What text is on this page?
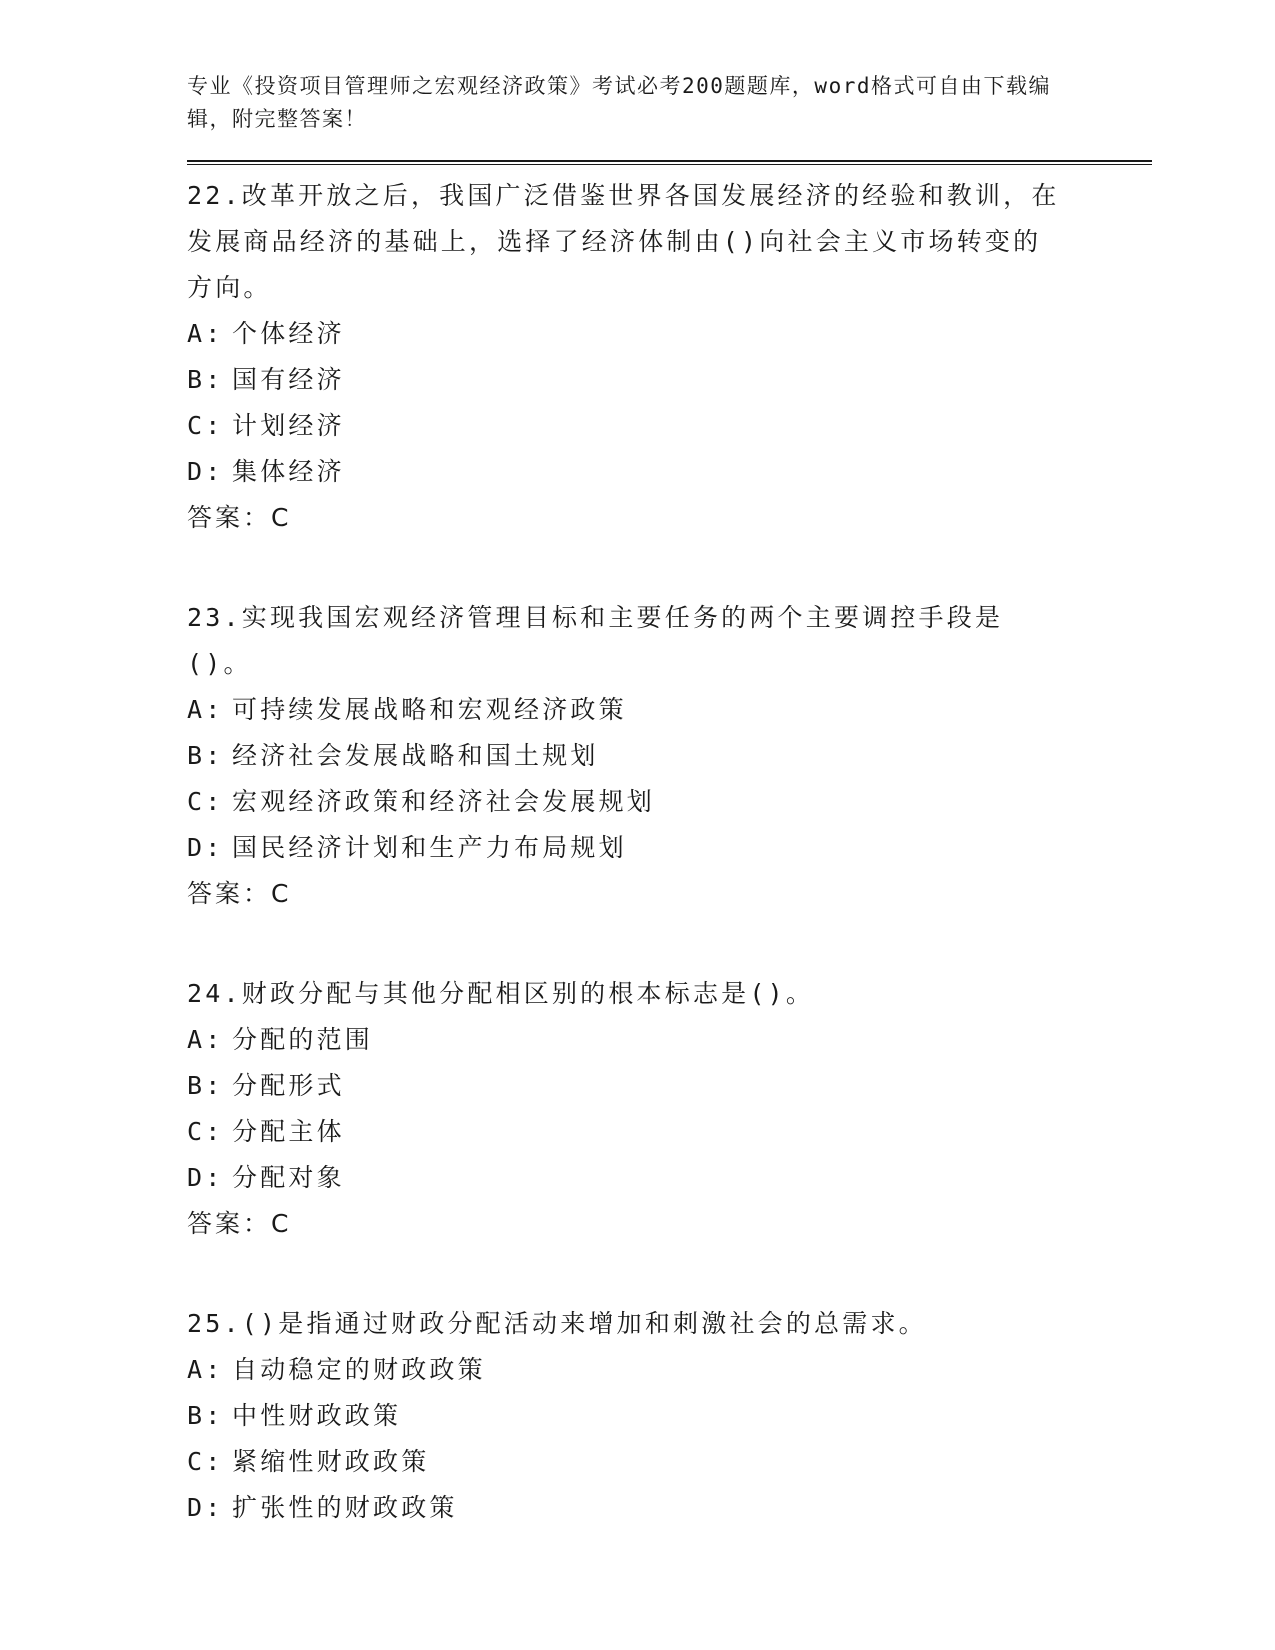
专业《投资项目管理师之宏观经济政策》考试必考200题题库，word格式可自由下载编辑，附完整答案！

22.改革开放之后，我国广泛借鉴世界各国发展经济的经验和教训，在发展商品经济的基础上，选择了经济体制由()向社会主义市场转变的方向。

A: 个体经济

B: 国有经济

C: 计划经济

D: 集体经济

答案：C

23.实现我国宏观经济管理目标和主要任务的两个主要调控手段是()。

A: 可持续发展战略和宏观经济政策

B: 经济社会发展战略和国土规划

C: 宏观经济政策和经济社会发展规划

D: 国民经济计划和生产力布局规划

答案：C

24.财政分配与其他分配相区别的根本标志是()。

A: 分配的范围

B: 分配形式

C: 分配主体

D: 分配对象

答案：C

25.()是指通过财政分配活动来增加和刺激社会的总需求。

A: 自动稳定的财政政策

B: 中性财政政策

C: 紧缩性财政政策

D: 扩张性的财政政策
